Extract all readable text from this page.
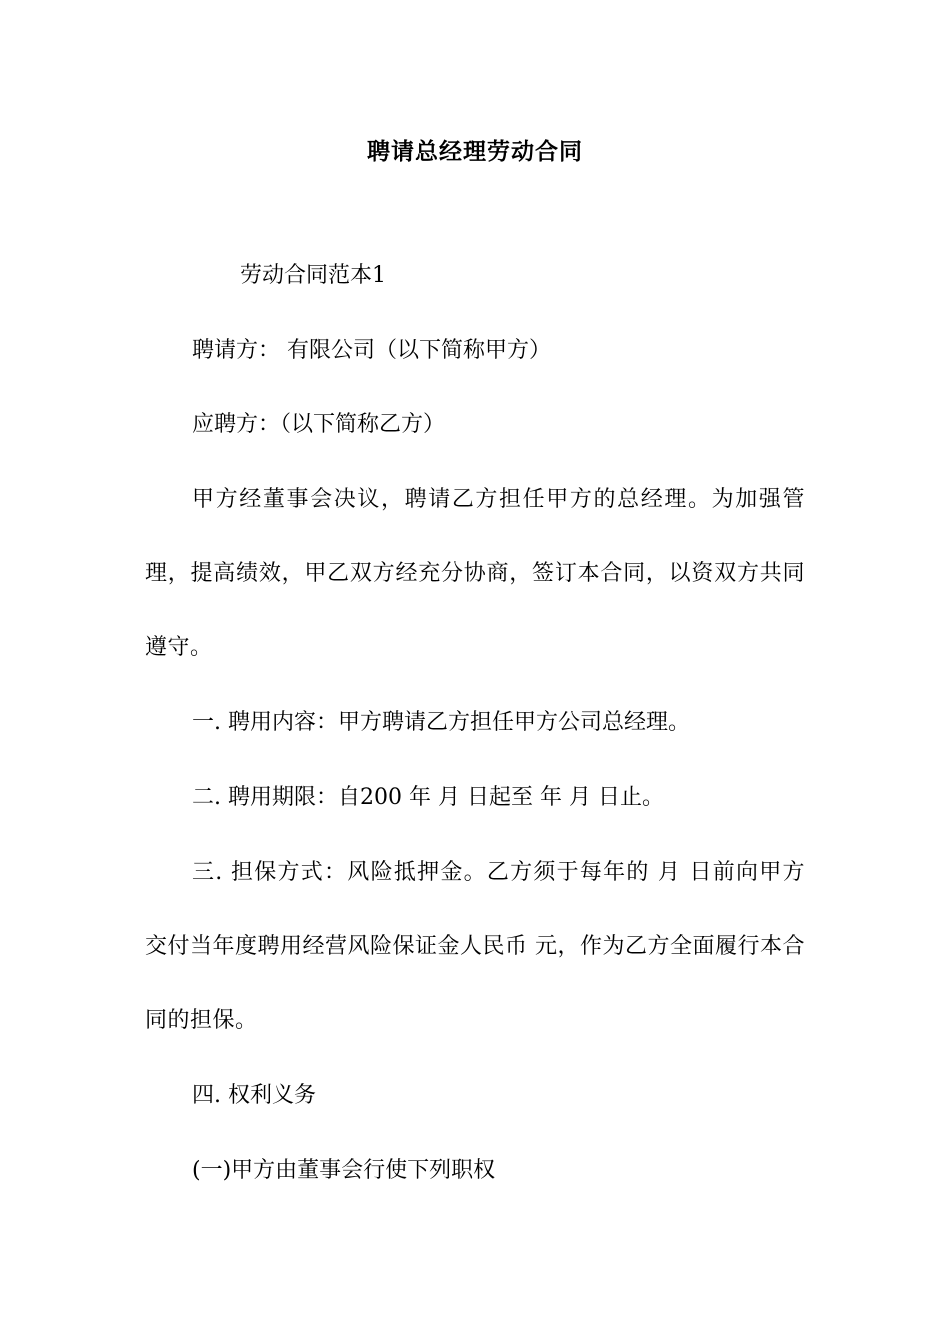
聘请总经理劳动合同
劳动合同范本1
聘请方： 有限公司（以下简称甲方）
应聘方：（以下简称乙方）
甲方经董事会决议，聘请乙方担任甲方的总经理。为加强管理，提高绩效，甲乙双方经充分协商，签订本合同，以资双方共同遵守。
一. 聘用内容：甲方聘请乙方担任甲方公司总经理。
二. 聘用期限：自200 年 月 日起至 年 月 日止。
三. 担保方式：风险抵押金。乙方须于每年的 月 日前向甲方交付当年度聘用经营风险保证金人民币 元，作为乙方全面履行本合同的担保。
四. 权利义务
(一)甲方由董事会行使下列职权
